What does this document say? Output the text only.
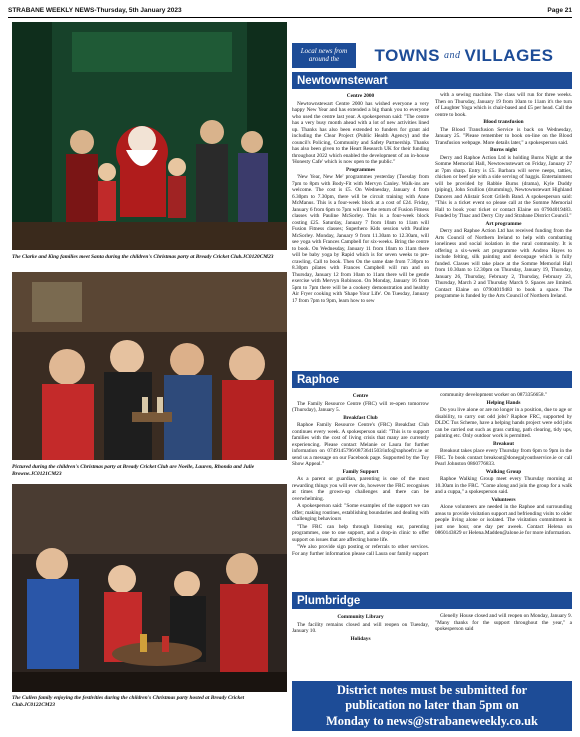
STRABANE WEEKLY NEWS-Thursday, 5th January 2023	Page 21
The Clarke and King families meet Santa during the children's Christmas party at Bready Cricket Club.JC0120CM23
Pictured during the children's Christmas party at Bready Cricket Club are Noelle, Lauren, Rhonda and Julie Browne.JC0121CM23
The Cullen family enjoying the festivities during the children's Christmas party hosted at Bready Cricket Club.JC0122CM23
Local news from
around the TOWNS and VILLAGES
Newtownstewart

Centre 2000

Newtownstewart Centre 2000 has wished everyone a very happy New Year and has extended a big thank you to everyone who used the centre last year. A spokesperson said: "The centre has a very busy month ahead with a lot of new activities lined up. Thanks has also been extended to funders for grant aid including the Clear Project (Public Health Agency) and the council's Policing, Community and Safety Partnership. Thanks has also been given to the Heart Research UK for their funding throughout 2022 which enabled the development of an in-house 'Honesty Cafe' which is now open to the public."

Programmes

'New Year, New Me' programmes yesterday (Tuesday from 7pm to 8pm with Body-Fit with Mervyn Canley. Walk-ins are welcome. The cost is £5. On Wednesday, January 4 from 6.30pm to 7.30pm, there will be circuit training with Anne McManus. This is a four-week block at a cost of £24. Friday, January 6 from 6pm to 7pm will see the return of Fusion Fitness classes with Pauline McSorley. This is a four-week block costing £25. Saturday, January 7 from 10am to 11am will Fusion Fitness classes; Superhero Kids session with Pauline McSorley. Monday, January 9 from 11.30am to 12.30am, will see yoga with Frances Campbell for six-weeks. Bring the centre to book. On Wednesday, January 11 from 10am to 11am there will be baby yoga by Rapid which is for seven weeks to pre-crawling. Call to book. Then On the same date from 7.30pm to 8.30pm pilates with Frances Campbell will run and on Thursday, January 12 from 10am to 11am there will be gentle exercise with Mervyn Robinson. On Monday, January 16 from 5pm to 7pm there will be a cookery demonstration and healthy Air Fryer cooking with 'Shape Your Life'. On Tuesday, January 17 from 7pm to 9pm, learn how to sew

with a sewing machine. The class will run for three weeks. Then on Thursday, January 19 from 10am to 11am it's the turn of Laughter Yoga which is chair-based and £5 per head. Call the centre to book.

Blood transfusion

The Blood Transfusion Service is back on Wednesday, January 25. "Please remember to book on-line on the Blood Transfusion webpage. More details later," a spokesperson said.

Burns night

Derry and Raphoe Action Ltd is holding Burns Night at the Somme Memorial Hall, Newtownstewart on Friday, January 27 at 7pm sharp. Entry is £5. Barbara will serve neeps, tatties, chicken or beef pie with a side serving of haggis. Entertainment will be provided by Rabbie Burns (drama), Kyle Duddy (piping), John Scullion (drumming), Newtownstewart Highland Dancers and Alistair Scott Grilelh Band. A spokesperson said: "This is a ticket event so please call at the Somme Memorial Hall to book your ticket or contact Elaine on 07904019483. Funded by Tlnac and Derry City and Strabane District Council."

Art programme

Derry and Raphoe Action Ltd has received funding from the Arts Council of Northern Ireland to help with combatting loneliness and social isolation in the rural community. It is offering a six-week art programme with Andrea Hayes to include felting, silk painting and decoupage which is fully funded. Classes will take place at the Somme Memorial Hall from 10.30am to 12.30pm on Thursday, January 19, Thursday, January 26, Thursday, February 2, Thursday, February 23, Thursday, March 2 and Thursday March 9. Spaces are limited. Contact Elaine on 07904019483 to book a space. The programme is funded by the Arts Council of Northern Ireland.

Raphoe

Centre

The Family Resource Centre (FRC) will re-open tomorrow (Thursday), January 5.

Breakfast Club

Raphoe Family Resource Centre's (FRC) Breakfast Club continues every week. A spokesperson said: "This is to support families with the cost of living crisis that many are currently experiencing. Please contact Melanie or Laura for further information on 0749145796/0873641503/info@raphoefrc.ie or send us a message on our Facebook page. Supported by the Toy Show Appeal."

Family Support

As a parent or guardian, parenting is one of the most rewarding things you will ever do, however the FRC recognises at times the grown-up challenges and there can be overwhelming.

A spokesperson said: "Some examples of the support we can offer; making routines, establishing boundaries and dealing with challenging behaviours

"The FRC can help through listening ear, parenting programmes, one to one support, and a drop-in clinic to offer support on issues that are affecting home life.

"We also provide sign posting or referrals to other services. For any further information please call Laura our family support

community development worker on 0873356658."

Helping Hands

Do you live alone or are no longer in a position, due to age or disability, to carry out odd jobs? Raphoe FRC, supported by DLDC Tus Scheme, have a helping hands project were odd jobs can be carried out such as grass cutting, path clearing, tidy ups, painting etc. Only outdoor work is permitted.

Breakout

Breakout takes place every Thursday from 6pm to 9pm in the FRC. To book contact breakout@donegalyouthservice.ie or call Pearl Johnston 0860776833.

Walking Group

Raphoe Walking Group meet every Thursday morning at 10.30am in the FRC. "Come along and join the group for a walk and a cuppa," a spokesperson said.

Volunteers

Alone volunteers are needed in the Raphoe and surrounding areas to provide visitation support and befriending visits to older people living alone or isolated. The visitation commitment is just one hour, one day per aweek. Contact Helena on 0860143829 or Helena.Madden@alone.ie for more information.

Plumbridge

Community Library

The facility remains closed and will reopen on Tuesday, January 10.

Holidays

Glenelly House closed and will reopen on Monday, January 9. "Many thanks for the support throughout the year," a spokesperson said

District notes must be submitted for
publication no later than 5pm on
Monday to news@strabaneweekly.co.uk
